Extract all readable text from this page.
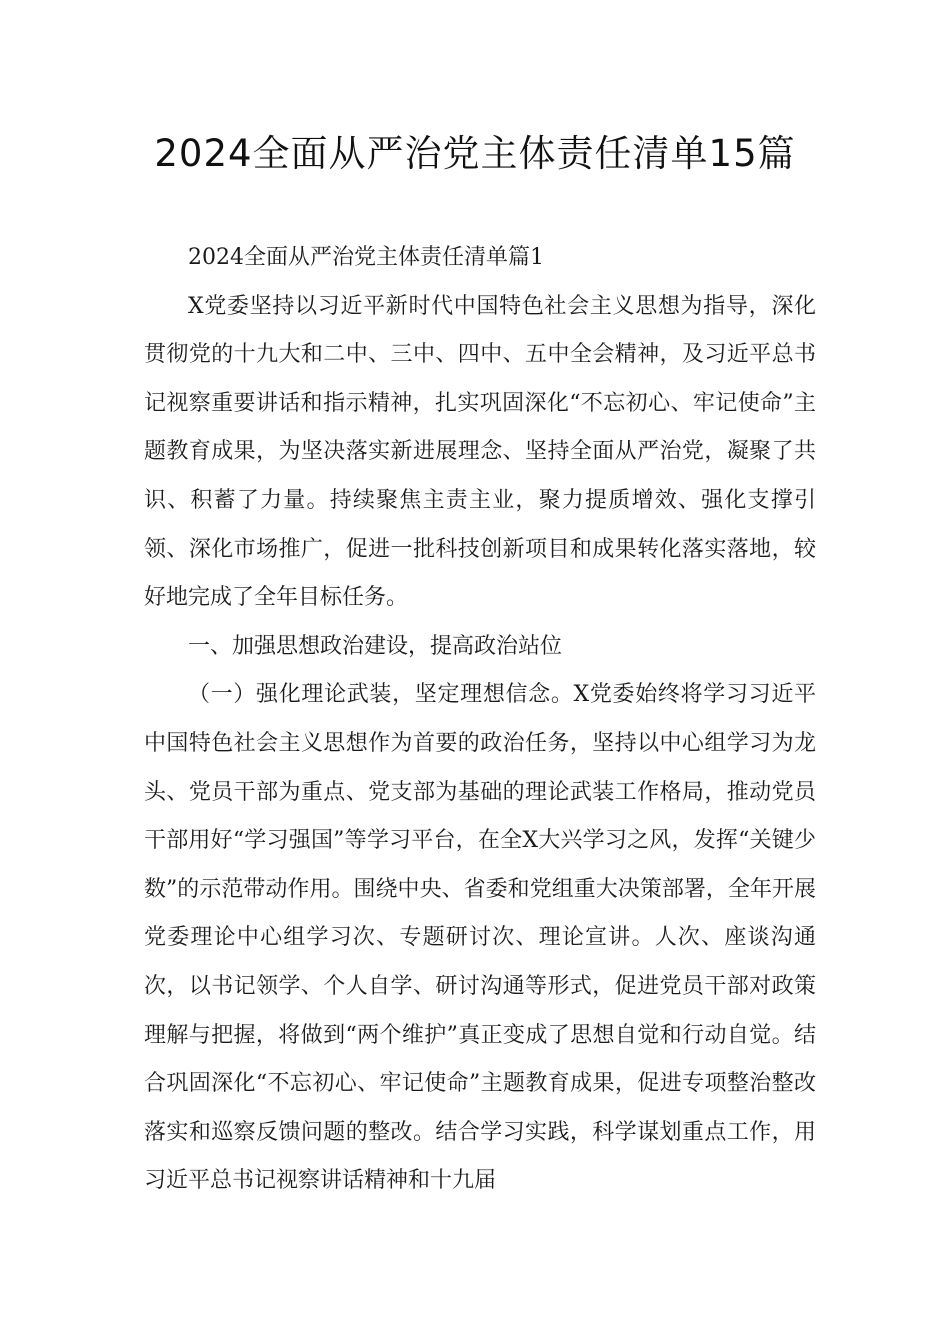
2024全面从严治党主体责任清单15篇

2024全面从严治党主体责任清单篇1

X党委坚持以习近平新时代中国特色社会主义思想为指导，深化贯彻党的十九大和二中、三中、四中、五中全会精神，及习近平总书记视察重要讲话和指示精神，扎实巩固深化“不忘初心、牢记使命”主题教育成果，为坚决落实新进展理念、坚持全面从严治党，凝聚了共识、积蓄了力量。持续聚焦主责主业，聚力提质增效、强化支撑引领、深化市场推广，促进一批科技创新项目和成果转化落实落地，较好地完成了全年目标任务。

一、加强思想政治建设，提高政治站位

（一）强化理论武装，坚定理想信念。X党委始终将学习习近平中国特色社会主义思想作为首要的政治任务，坚持以中心组学习为龙头、党员干部为重点、党支部为基础的理论武装工作格局，推动党员干部用好“学习强国”等学习平台，在全X大兴学习之风，发挥“关键少数”的示范带动作用。围绕中央、省委和党组重大决策部署，全年开展党委理论中心组学习次、专题研讨次、理论宣讲。人次、座谈沟通次，以书记领学、个人自学、研讨沟通等形式，促进党员干部对政策理解与把握，将做到“两个维护”真正变成了思想自觉和行动自觉。结合巩固深化“不忘初心、牢记使命”主题教育成果，促进专项整治整改落实和巡察反馈问题的整改。结合学习实践，科学谋划重点工作，用习近平总书记视察讲话精神和十九届
